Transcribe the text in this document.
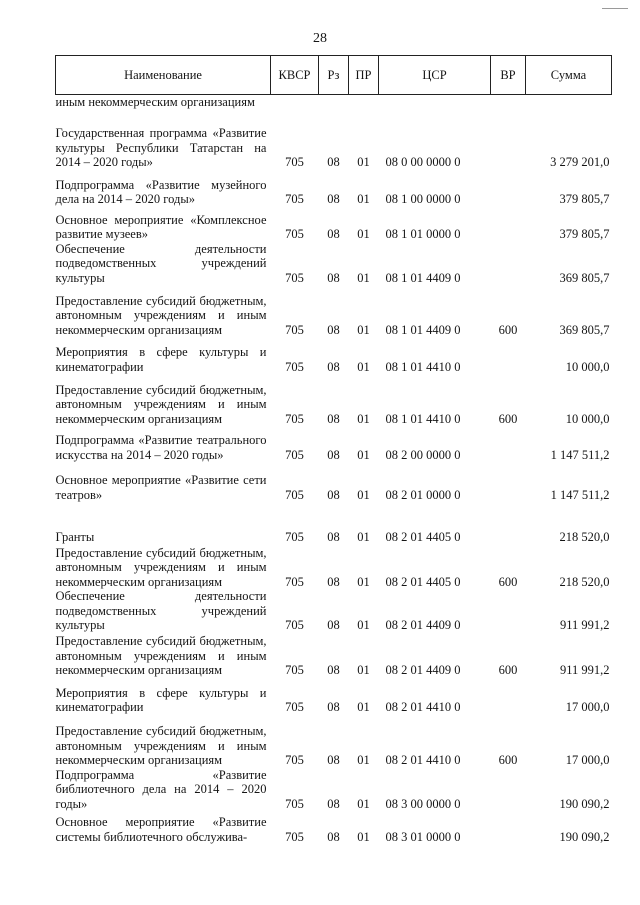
28
Наименование	КВСР	Рз	ПР	ЦСР	ВР	Сумма
иным некоммерческим организациям						
Государственная программа «Развитие культуры Республики Татарстан на 2014 – 2020 годы»	705	08	01	08 0 00 0000 0		3 279 201,0
Подпрограмма «Развитие музейного дела на 2014 – 2020 годы»	705	08	01	08 1 00 0000 0		379 805,7
Основное мероприятие «Комплексное развитие музеев»	705	08	01	08 1 01 0000 0		379 805,7
Обеспечение деятельности подведомственных учреждений культуры	705	08	01	08 1 01 4409 0		369 805,7
Предоставление субсидий бюджетным, автономным учреждениям и иным некоммерческим организациям	705	08	01	08 1 01 4409 0	600	369 805,7
Мероприятия в сфере культуры и кинематографии	705	08	01	08 1 01 4410 0		10 000,0
Предоставление субсидий бюджетным, автономным учреждениям и иным некоммерческим организациям	705	08	01	08 1 01 4410 0	600	10 000,0
Подпрограмма «Развитие театрального искусства на 2014 – 2020 годы»	705	08	01	08 2 00 0000 0		1 147 511,2
Основное мероприятие «Развитие сети театров»	705	08	01	08 2 01 0000 0		1 147 511,2
Гранты	705	08	01	08 2 01 4405 0		218 520,0
Предоставление субсидий бюджетным, автономным учреждениям и иным некоммерческим организациям	705	08	01	08 2 01 4405 0	600	218 520,0
Обеспечение деятельности подведомственных учреждений культуры	705	08	01	08 2 01 4409 0		911 991,2
Предоставление субсидий бюджетным, автономным учреждениям и иным некоммерческим организациям	705	08	01	08 2 01 4409 0	600	911 991,2
Мероприятия в сфере культуры и кинематографии	705	08	01	08 2 01 4410 0		17 000,0
Предоставление субсидий бюджетным, автономным учреждениям и иным некоммерческим организациям	705	08	01	08 2 01 4410 0	600	17 000,0
Подпрограмма «Развитие библиотечного дела на 2014 – 2020 годы»	705	08	01	08 3 00 0000 0		190 090,2
Основное мероприятие «Развитие системы библиотечного обслужива-	705	08	01	08 3 01 0000 0		190 090,2
